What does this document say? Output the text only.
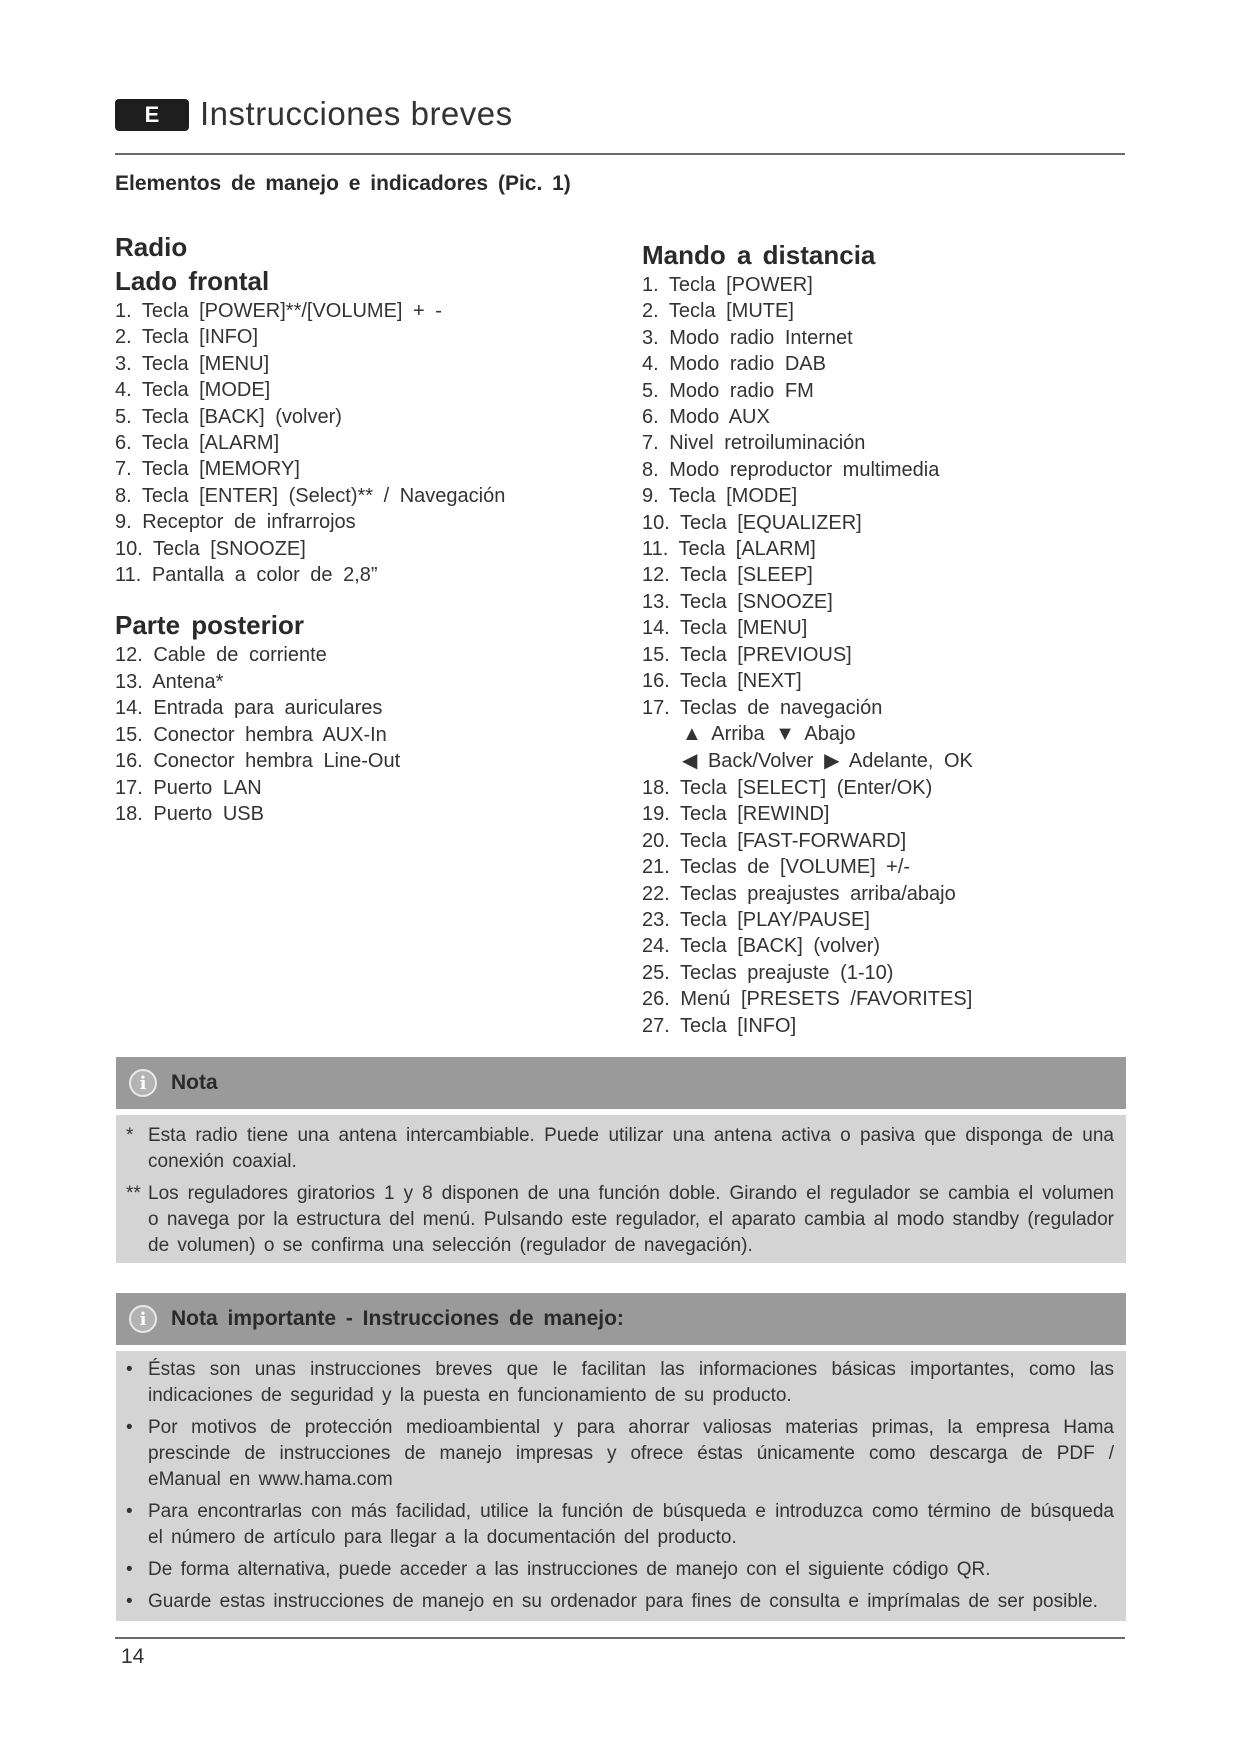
E	Instrucciones breves
Elementos de manejo e indicadores (Pic. 1)
Radio
Lado frontal
1. Tecla [POWER]**/[VOLUME] + -
2. Tecla [INFO]
3. Tecla [MENU]
4. Tecla [MODE]
5. Tecla [BACK] (volver)
6. Tecla [ALARM]
7. Tecla [MEMORY]
8. Tecla [ENTER] (Select)** / Navegación
9. Receptor de infrarrojos
10. Tecla [SNOOZE]
11. Pantalla a color de 2,8”
Parte posterior
12. Cable de corriente
13. Antena*
14. Entrada para auriculares
15. Conector hembra AUX-In
16. Conector hembra Line-Out
17. Puerto LAN
18. Puerto USB
Mando a distancia
1. Tecla [POWER]
2. Tecla [MUTE]
3. Modo radio Internet
4. Modo radio DAB
5. Modo radio FM
6. Modo AUX
7. Nivel retroiluminación
8. Modo reproductor multimedia
9. Tecla [MODE]
10. Tecla [EQUALIZER]
11. Tecla [ALARM]
12. Tecla [SLEEP]
13. Tecla [SNOOZE]
14. Tecla [MENU]
15. Tecla [PREVIOUS]
16. Tecla [NEXT]
17. Teclas de navegación
▲ Arriba ▼ Abajo
◀ Back/Volver ▶ Adelante, OK
18. Tecla [SELECT] (Enter/OK)
19. Tecla [REWIND]
20. Tecla [FAST-FORWARD]
21. Teclas de [VOLUME] +/-
22. Teclas preajustes arriba/abajo
23. Tecla [PLAY/PAUSE]
24. Tecla [BACK] (volver)
25. Teclas preajuste (1-10)
26. Menú [PRESETS /FAVORITES]
27. Tecla [INFO]
i	Nota

* Esta radio tiene una antena intercambiable. Puede utilizar una antena activa o pasiva que disponga de una conexión coaxial.

** Los reguladores giratorios 1 y 8 disponen de una función doble. Girando el regulador se cambia el volumen o navega por la estructura del menú. Pulsando este regulador, el aparato cambia al modo standby (regulador de volumen) o se confirma una selección (regulador de navegación).

i	Nota importante - Instrucciones de manejo:

• Éstas son unas instrucciones breves que le facilitan las informaciones básicas importantes, como las indicaciones de seguridad y la puesta en funcionamiento de su producto.

• Por motivos de protección medioambiental y para ahorrar valiosas materias primas, la empresa Hama prescinde de instrucciones de manejo impresas y ofrece éstas únicamente como descarga de PDF / eManual en www.hama.com

• Para encontrarlas con más facilidad, utilice la función de búsqueda e introduzca como término de búsqueda el número de artículo para llegar a la documentación del producto.

• De forma alternativa, puede acceder a las instrucciones de manejo con el siguiente código QR.

• Guarde estas instrucciones de manejo en su ordenador para fines de consulta e imprímalas de ser posible.

14
